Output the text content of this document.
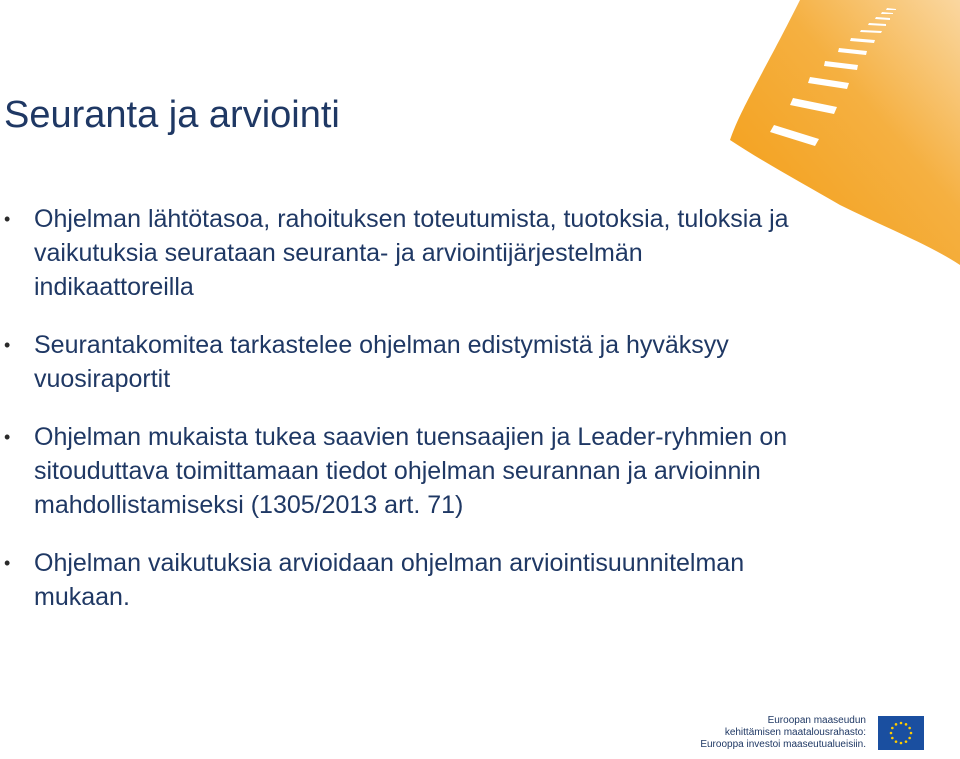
Seuranta ja arviointi
• Ohjelman lähtötasoa, rahoituksen toteutumista, tuotoksia, tuloksia ja vaikutuksia seurataan seuranta- ja arviointijärjestelmän indikaattoreilla
• Seurantakomitea tarkastelee ohjelman edistymistä ja hyväksyy vuosiraportit
• Ohjelman mukaista tukea saavien tuensaajien ja Leader-ryhmien on sitouduttava toimittamaan tiedot ohjelman seurannan ja arvioinnin mahdollistamiseksi (1305/2013 art. 71)
• Ohjelman vaikutuksia arvioidaan ohjelman arviointisuunnitelman mukaan.
Euroopan maaseudun
kehittämisen maatalousrahasto:
Eurooppa investoi maaseutualueisiin.
